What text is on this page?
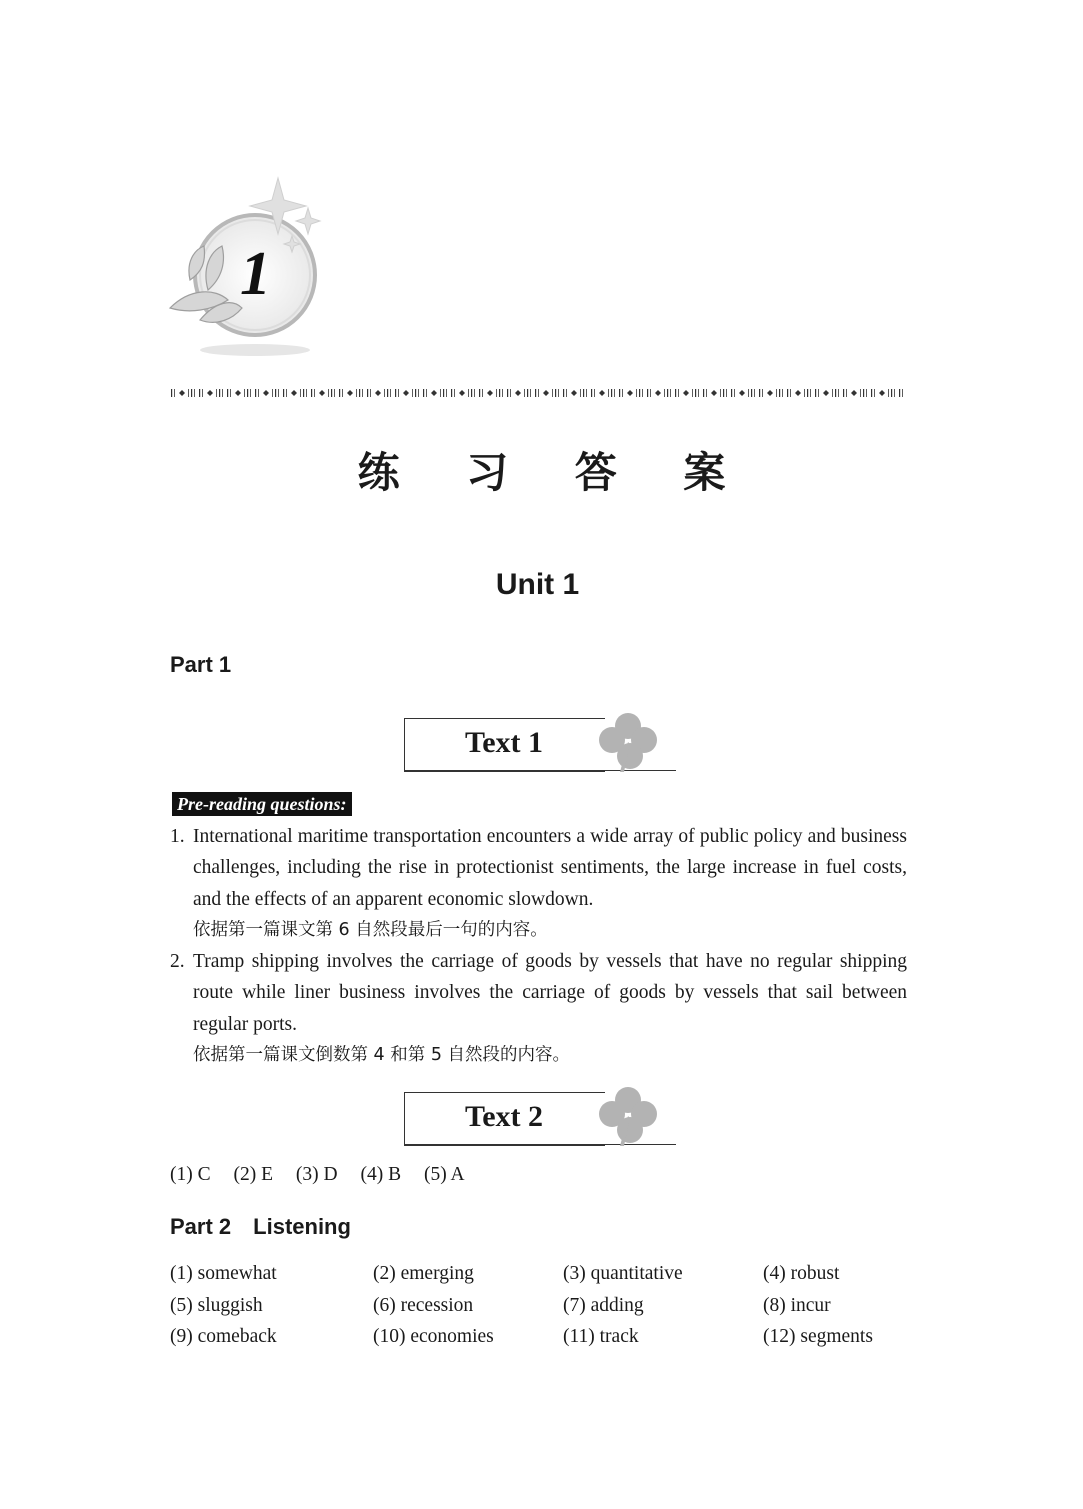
1
练 习 答 案
Unit 1
Part 1
Text 1
Pre-reading questions:
1. International maritime transportation encounters a wide array of public policy and business challenges, including the rise in protectionist sentiments, the large increase in fuel costs, and the effects of an apparent economic slowdown.
依据第一篇课文第 6 自然段最后一句的内容。
2. Tramp shipping involves the carriage of goods by vessels that have no regular shipping route while liner business involves the carriage of goods by vessels that sail between regular ports.
依据第一篇课文倒数第 4 和第 5 自然段的内容。
Text 2
(1) C (2) E (3) D (4) B (5) A
Part 2 Listening
(1) somewhat	(2) emerging	(3) quantitative	(4) robust
(5) sluggish	(6) recession	(7) adding	(8) incur
(9) comeback	(10) economies	(11) track	(12) segments
